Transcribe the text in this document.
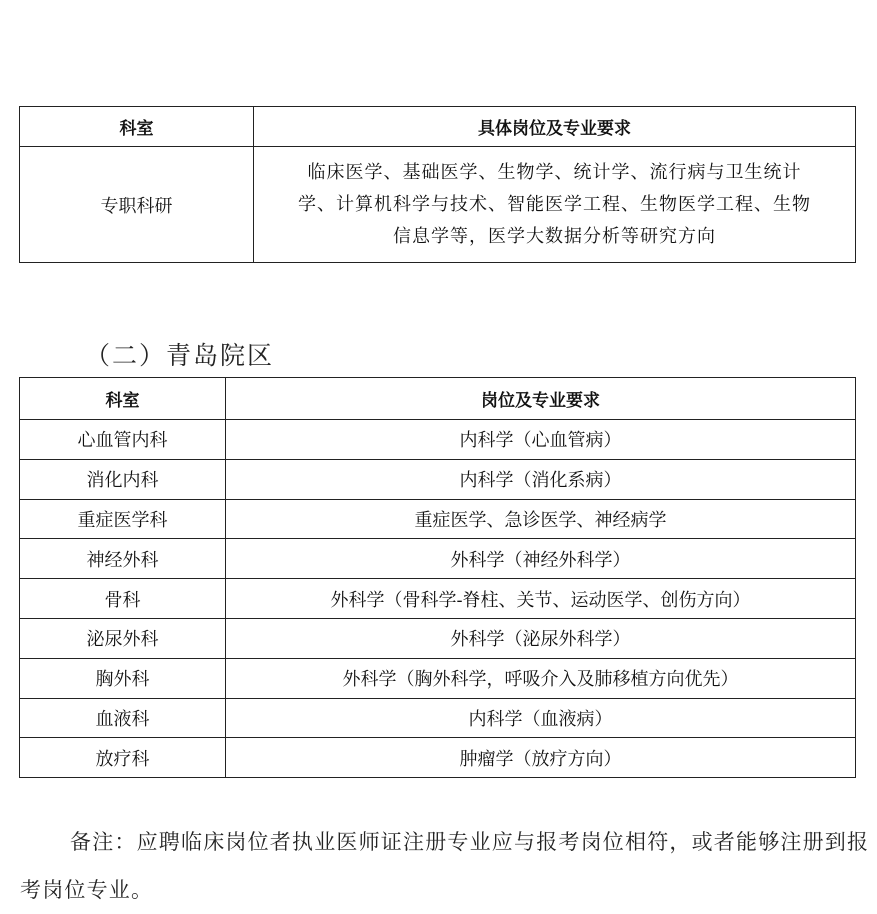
科室	具体岗位及专业要求
专职科研	临床医学、基础医学、生物学、统计学、流行病与卫生统计
学、计算机科学与技术、智能医学工程、生物医学工程、生物
信息学等，医学大数据分析等研究方向
（二）青岛院区
科室	岗位及专业要求
心血管内科	内科学（心血管病）
消化内科	内科学（消化系病）
重症医学科	重症医学、急诊医学、神经病学
神经外科	外科学（神经外科学）
骨科	外科学（骨科学-脊柱、关节、运动医学、创伤方向）
泌尿外科	外科学（泌尿外科学）
胸外科	外科学（胸外科学，呼吸介入及肺移植方向优先）
血液科	内科学（血液病）
放疗科	肿瘤学（放疗方向）
备注：应聘临床岗位者执业医师证注册专业应与报考岗位相符，或者能够注册到报考岗位专业。
